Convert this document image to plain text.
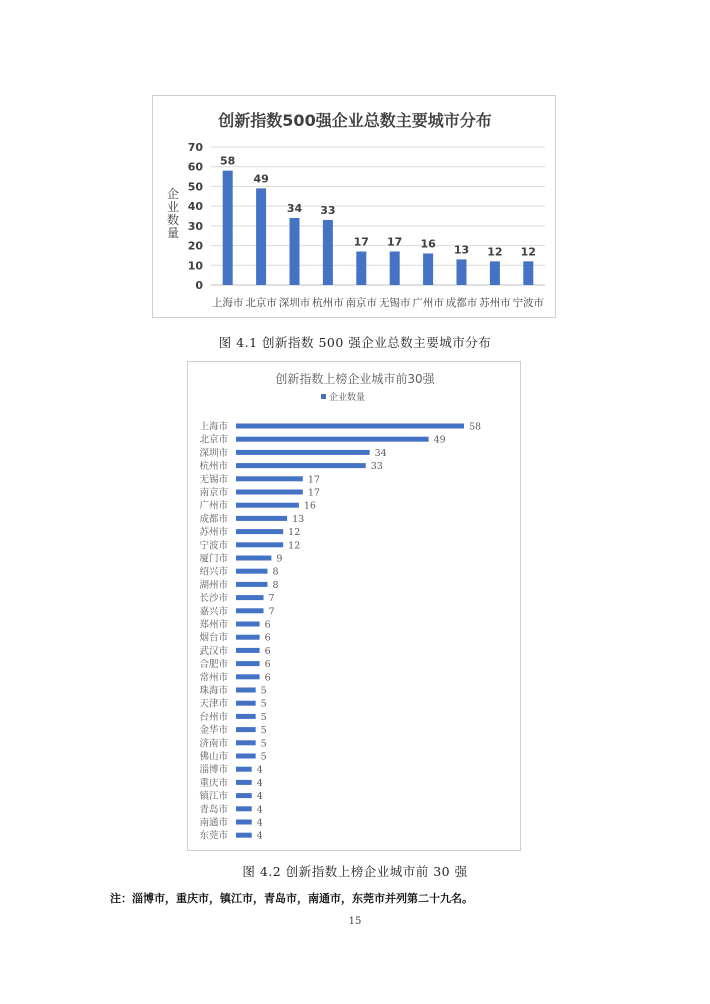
创新指数500强企业总数主要城市分布
0
10
20
30
40
50
60
70
企
业
数
量
58
上海市
49
北京市
34
深圳市
33
杭州市
17
南京市
17
无锡市
16
广州市
13
成都市
12
苏州市
12
宁波市
图 4.1 创新指数 500 强企业总数主要城市分布
创新指数上榜企业城市前30强
企业数量
上海市	58
北京市	49
深圳市	34
杭州市	33
无锡市	17
南京市	17
广州市	16
成都市	13
苏州市	12
宁波市	12
厦门市	9
绍兴市	8
湖州市	8
长沙市	7
嘉兴市	7
郑州市	6
烟台市	6
武汉市	6
合肥市	6
常州市	6
珠海市	5
天津市	5
台州市	5
金华市	5
济南市	5
佛山市	5
淄博市	4
重庆市	4
镇江市	4
青岛市	4
南通市	4
东莞市	4
图 4.2 创新指数上榜企业城市前 30 强
注：淄博市，重庆市，镇江市，青岛市，南通市，东莞市并列第二十九名。
15
